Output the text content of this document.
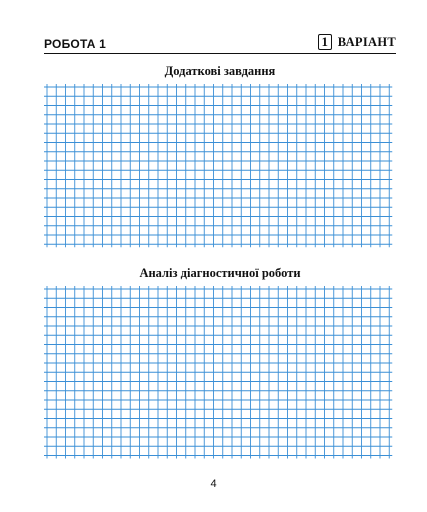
РОБОТА 1	1 ВАРІАНТ
Додаткові завдання
Аналіз діагностичної роботи
4
